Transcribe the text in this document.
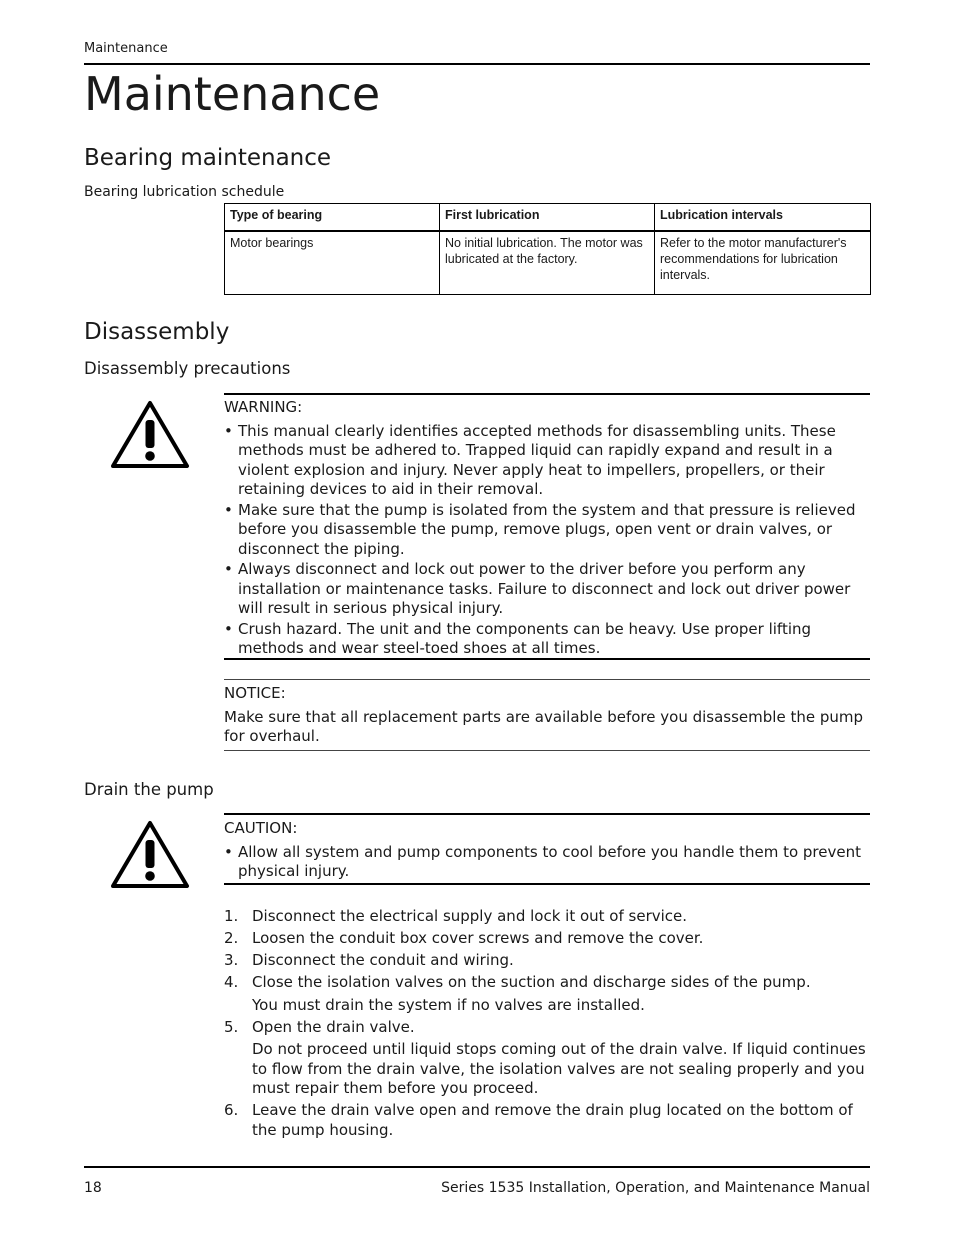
Maintenance
Maintenance
Bearing maintenance
Bearing lubrication schedule
Type of bearing	First lubrication	Lubrication intervals
Motor bearings	No initial lubrication. The motor was lubricated at the factory.	Refer to the motor manufacturer's recommendations for lubrication intervals.
Disassembly
Disassembly precautions
WARNING:
• This manual clearly identifies accepted methods for disassembling units. These methods must be adhered to. Trapped liquid can rapidly expand and result in a violent explosion and injury. Never apply heat to impellers, propellers, or their retaining devices to aid in their removal.
• Make sure that the pump is isolated from the system and that pressure is relieved before you disassemble the pump, remove plugs, open vent or drain valves, or disconnect the piping.
• Always disconnect and lock out power to the driver before you perform any installation or maintenance tasks. Failure to disconnect and lock out driver power will result in serious physical injury.
• Crush hazard. The unit and the components can be heavy. Use proper lifting methods and wear steel-toed shoes at all times.
NOTICE:
Make sure that all replacement parts are available before you disassemble the pump for overhaul.
Drain the pump
CAUTION:
• Allow all system and pump components to cool before you handle them to prevent physical injury.
1. Disconnect the electrical supply and lock it out of service.
2. Loosen the conduit box cover screws and remove the cover.
3. Disconnect the conduit and wiring.
4. Close the isolation valves on the suction and discharge sides of the pump.
You must drain the system if no valves are installed.
5. Open the drain valve.
Do not proceed until liquid stops coming out of the drain valve. If liquid continues to flow from the drain valve, the isolation valves are not sealing properly and you must repair them before you proceed.
6. Leave the drain valve open and remove the drain plug located on the bottom of the pump housing.
18	Series 1535 Installation, Operation, and Maintenance Manual
